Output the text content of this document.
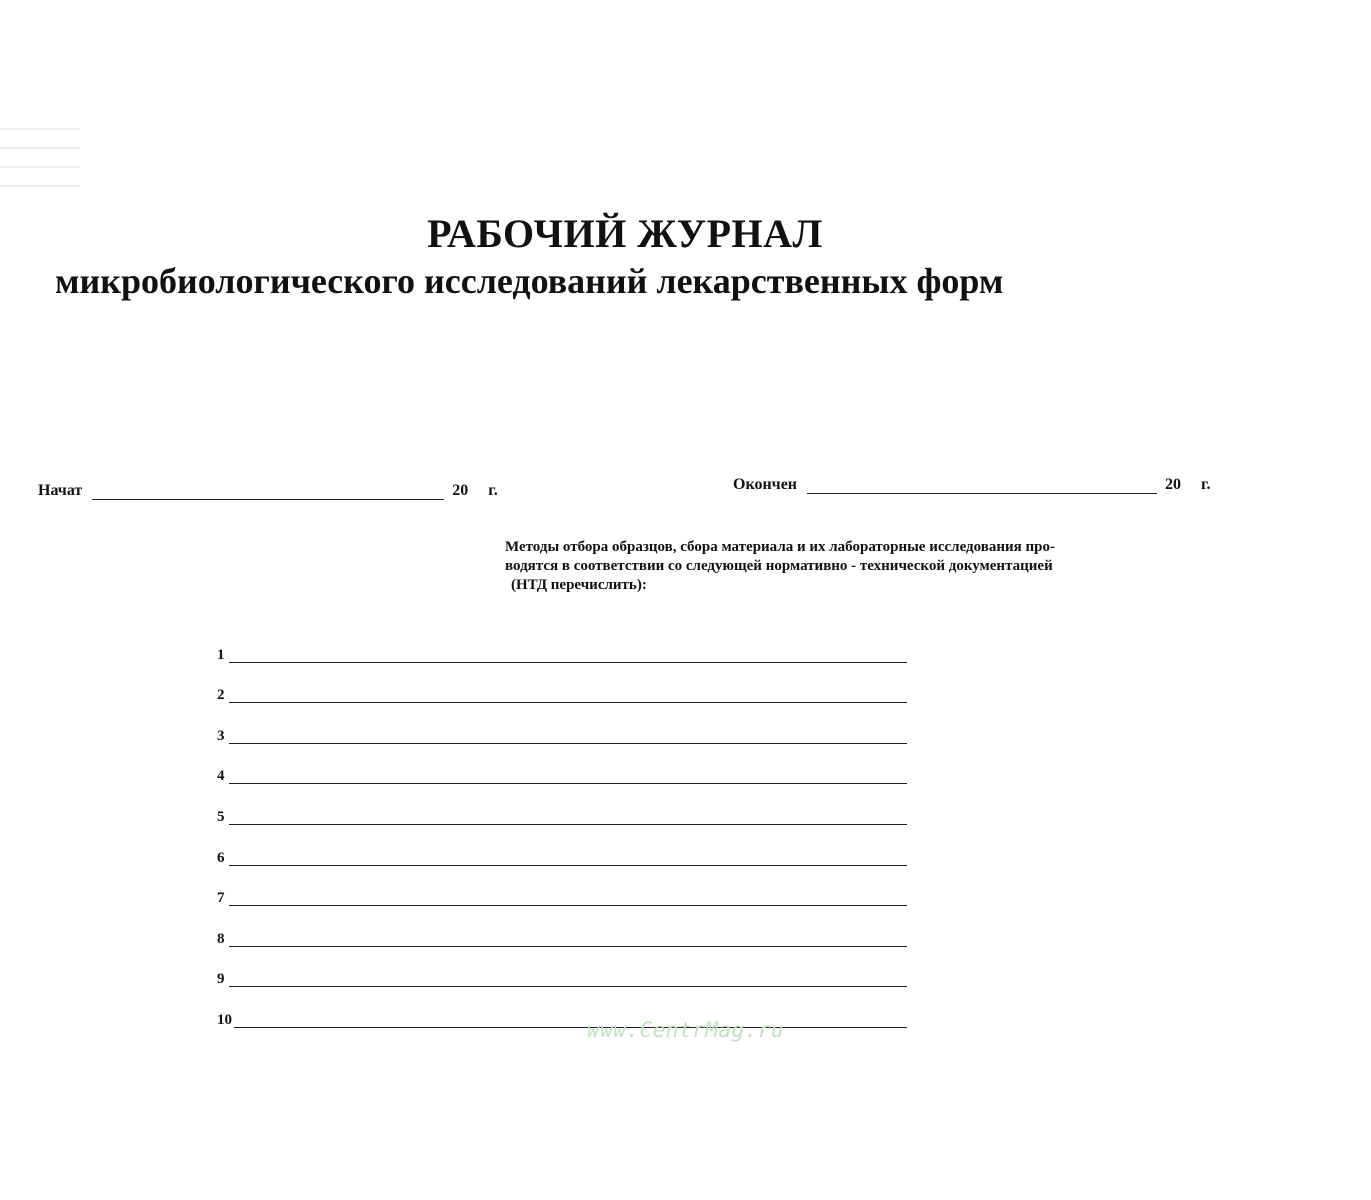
РАБОЧИЙ ЖУРНАЛ
микробиологического исследований лекарственных форм
Начат	20 г.	Окончен	20 г.
Методы отбора образцов, сбора материала и их лабораторные исследования про-
водятся в соответствии со следующей нормативно - технической документацией
(НТД перечислить):
1
2
3
4
5
6
7
8
9
10	www.CentrMag.ru
